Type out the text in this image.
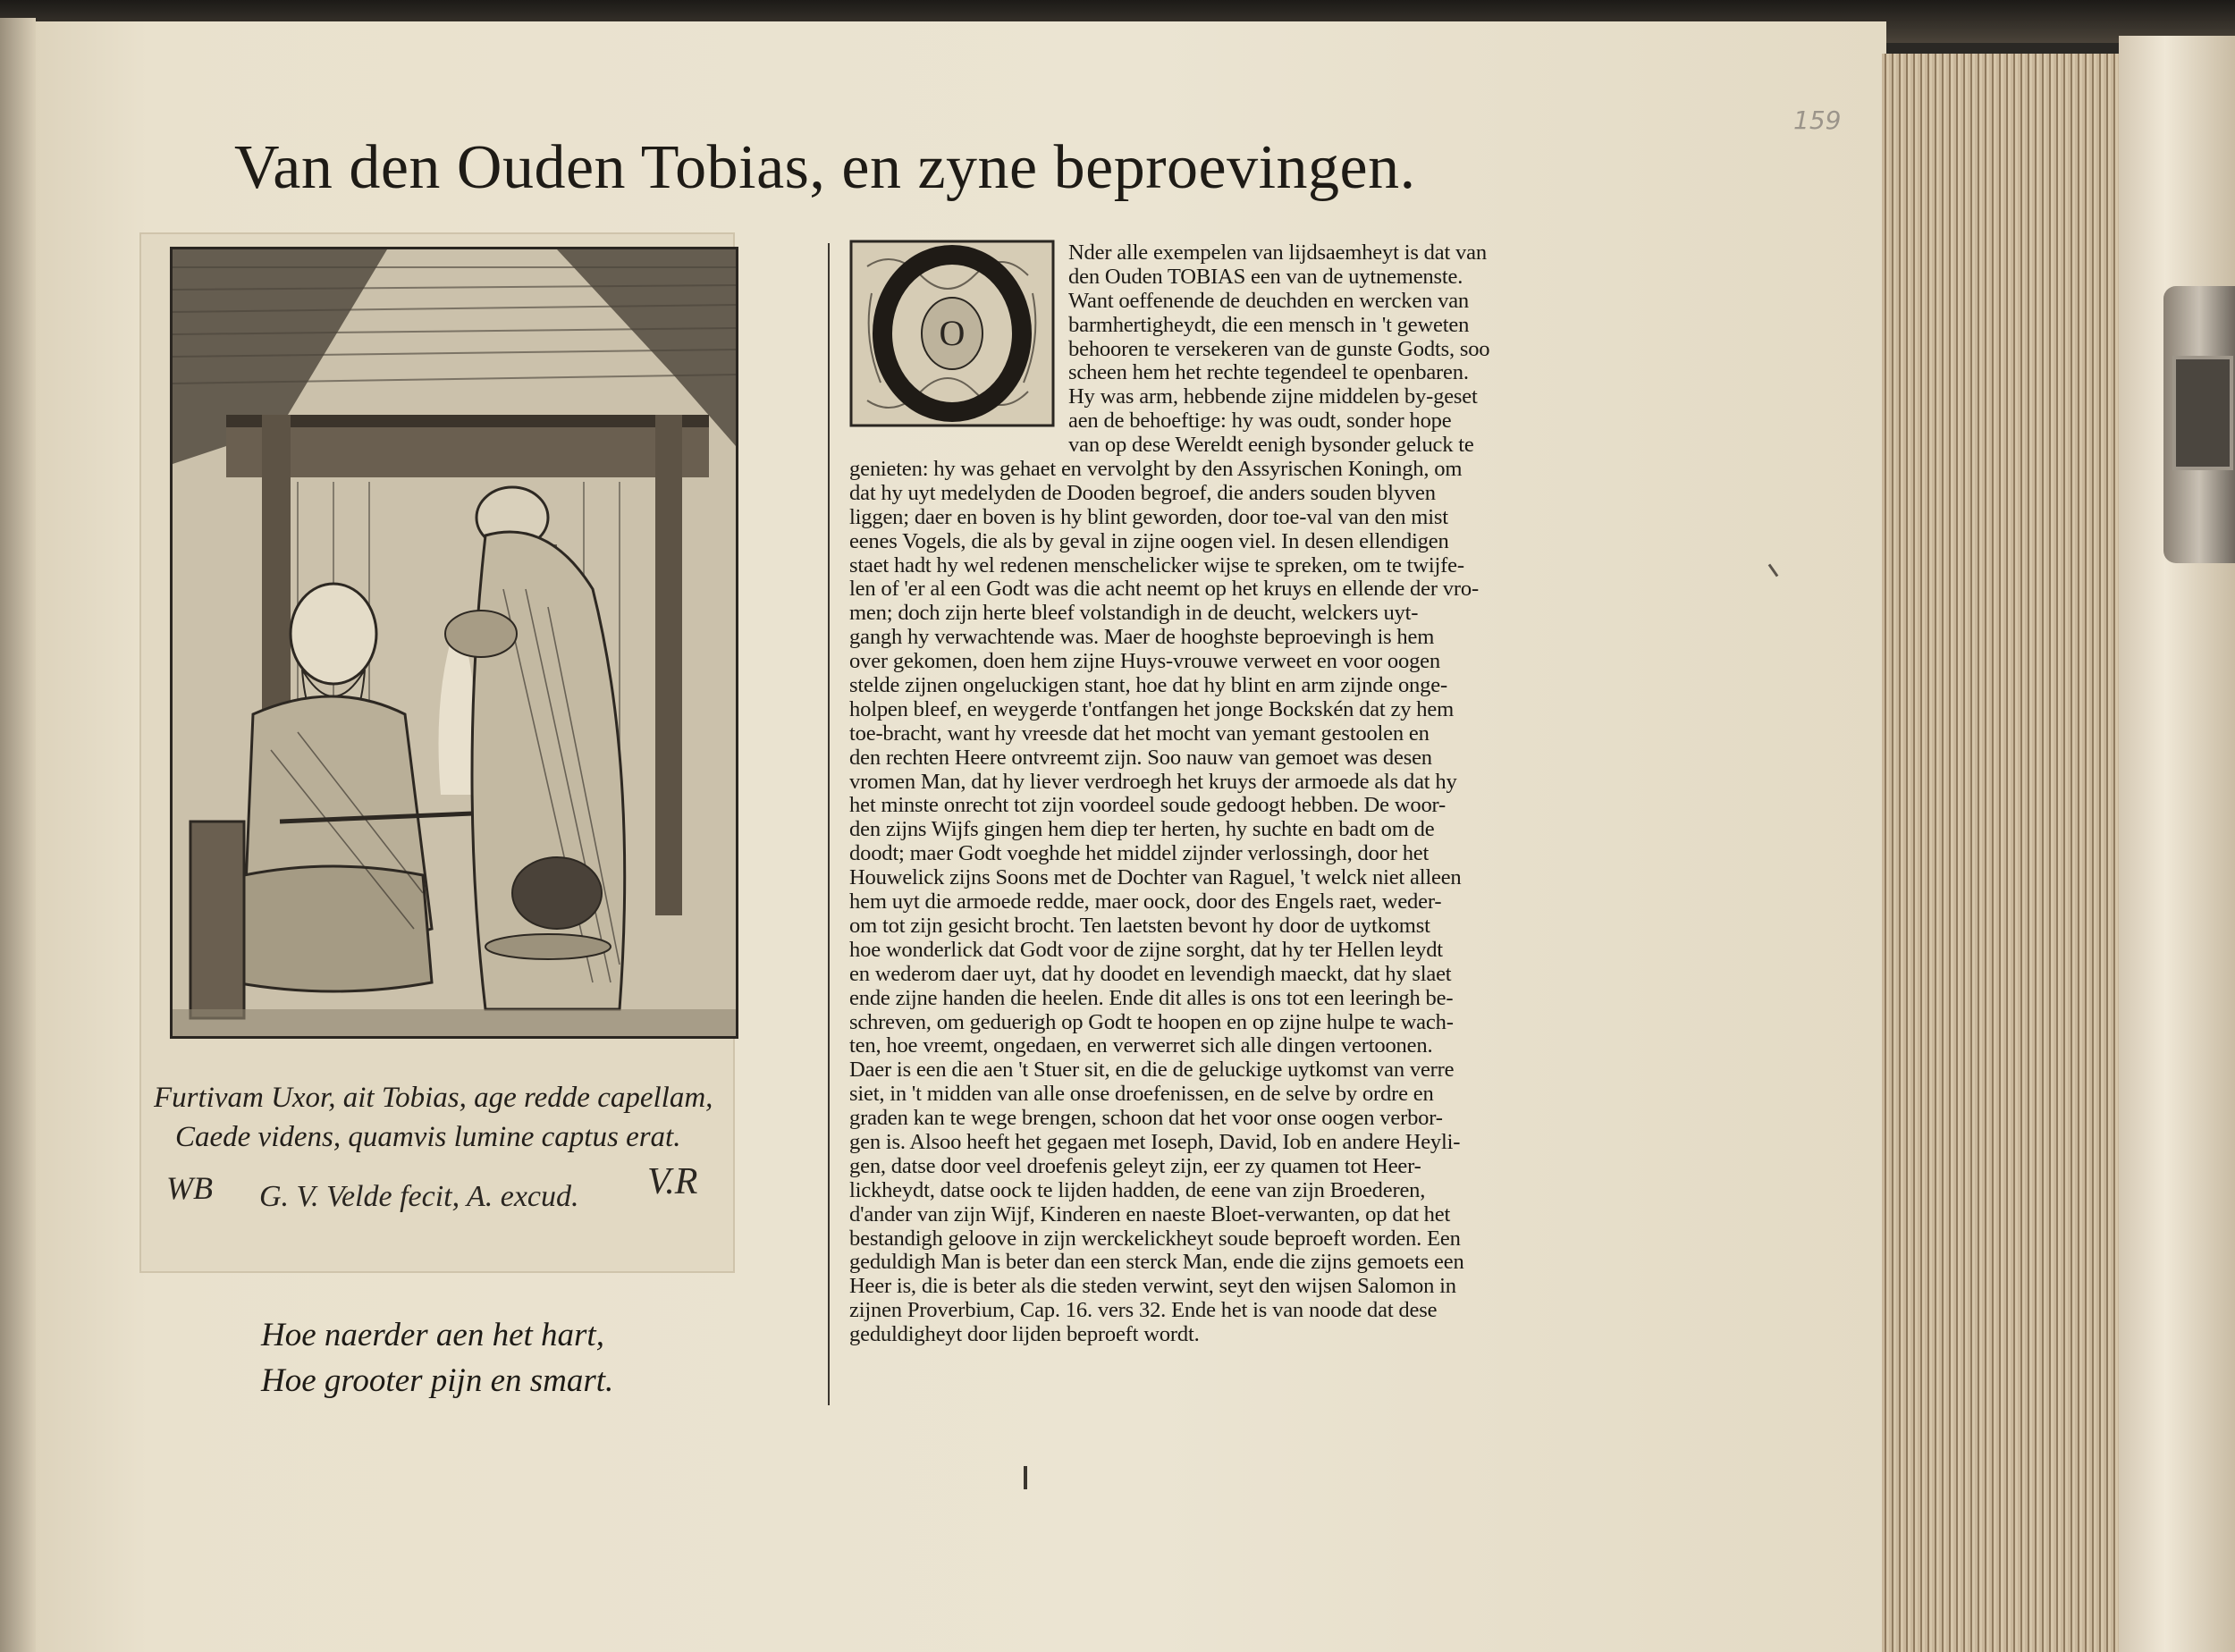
159
Van den Ouden Tobias, en zyne beproevingen.
Furtivam Uxor, ait Tobias, age redde capellam,
Caede videns, quamvis lumine captus erat.
WB G. V. Velde fecit, A. excud. V.R
Hoe naerder aen het hart,
Hoe grooter pijn en smart.
O
Nder alle exempelen van lijdsaemheyt is dat van
den Ouden TOBIAS een van de uytnemenste.
Want oeffenende de deuchden en wercken van
barmhertigheydt, die een mensch in 't geweten
behooren te versekeren van de gunste Godts, soo
scheen hem het rechte tegendeel te openbaren.
Hy was arm, hebbende zijne middelen by-geset
aen de behoeftige: hy was oudt, sonder hope
van op dese Wereldt eenigh bysonder geluck te
genieten: hy was gehaet en vervolght by den Assyrischen Koningh, om
dat hy uyt medelyden de Dooden begroef, die anders souden blyven
liggen; daer en boven is hy blint geworden, door toe-val van den mist
eenes Vogels, die als by geval in zijne oogen viel. In desen ellendigen
staet hadt hy wel redenen menschelicker wijse te spreken, om te twijfe-
len of 'er al een Godt was die acht neemt op het kruys en ellende der vro-
men; doch zijn herte bleef volstandigh in de deucht, welckers uyt-
gangh hy verwachtende was. Maer de hooghste beproevingh is hem
over gekomen, doen hem zijne Huys-vrouwe verweet en voor oogen
stelde zijnen ongeluckigen stant, hoe dat hy blint en arm zijnde onge-
holpen bleef, en weygerde t'ontfangen het jonge Bockskén dat zy hem
toe-bracht, want hy vreesde dat het mocht van yemant gestoolen en
den rechten Heere ontvreemt zijn. Soo nauw van gemoet was desen
vromen Man, dat hy liever verdroegh het kruys der armoede als dat hy
het minste onrecht tot zijn voordeel soude gedoogt hebben. De woor-
den zijns Wijfs gingen hem diep ter herten, hy suchte en badt om de
doodt; maer Godt voeghde het middel zijnder verlossingh, door het
Houwelick zijns Soons met de Dochter van Raguel, 't welck niet alleen
hem uyt die armoede redde, maer oock, door des Engels raet, weder-
om tot zijn gesicht brocht. Ten laetsten bevont hy door de uytkomst
hoe wonderlick dat Godt voor de zijne sorght, dat hy ter Hellen leydt
en wederom daer uyt, dat hy doodet en levendigh maeckt, dat hy slaet
ende zijne handen die heelen. Ende dit alles is ons tot een leeringh be-
schreven, om geduerigh op Godt te hoopen en op zijne hulpe te wach-
ten, hoe vreemt, ongedaen, en verwerret sich alle dingen vertoonen.
Daer is een die aen 't Stuer sit, en die de geluckige uytkomst van verre
siet, in 't midden van alle onse droefenissen, en de selve by ordre en
graden kan te wege brengen, schoon dat het voor onse oogen verbor-
gen is. Alsoo heeft het gegaen met Ioseph, David, Iob en andere Heyli-
gen, datse door veel droefenis geleyt zijn, eer zy quamen tot Heer-
lickheydt, datse oock te lijden hadden, de eene van zijn Broederen,
d'ander van zijn Wijf, Kinderen en naeste Bloet-verwanten, op dat het
bestandigh geloove in zijn werckelickheyt soude beproeft worden. Een
geduldigh Man is beter dan een sterck Man, ende die zijns gemoets een
Heer is, die is beter als die steden verwint, seyt den wijsen Salomon in
zijnen Proverbium, Cap. 16. vers 32. Ende het is van noode dat dese
geduldigheyt door lijden beproeft wordt.
